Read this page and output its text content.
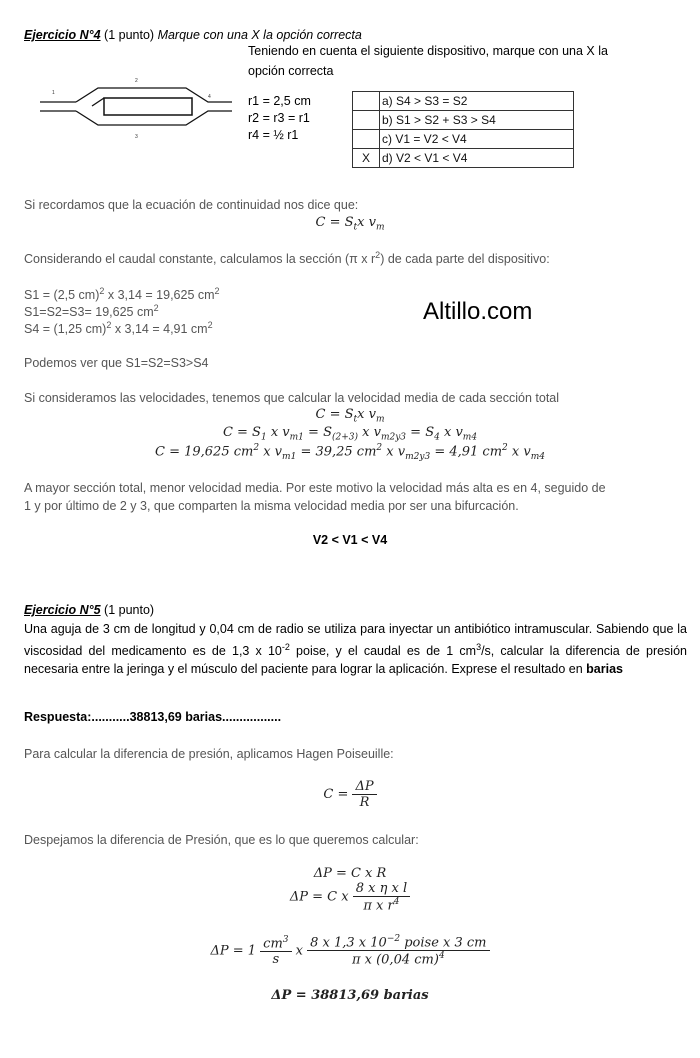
Ejercicio N°4 (1 punto) Marque con una X la opción correcta
Teniendo en cuenta el siguiente dispositivo, marque con una X la
opción correcta
1
2
3
4	r1 = 2,5 cm
r2 = r3 = r1
r4 = ½ r1
	a) S4 > S3 = S2
	b) S1 > S2 + S3 > S4
	c) V1 = V2 < V4
X	d) V2 < V1 < V4
Si recordamos que la ecuación de continuidad nos dice que:
$C = S_tx$ $v_m$
Considerando el caudal constante, calculamos la sección (π x $r^2$) de cada parte del dispositivo:
S1 = (2,5 cm)$^2$ x 3,14 = 19,625 $cm^2$
S1=S2=S3= 19,625 $cm^2$
S4 = (1,25 cm)$^2$ x 3,14 = 4,91 $cm^2$	Altillo.com
Podemos ver que S1=S2=S3>S4
Si consideramos las velocidades, tenemos que calcular la velocidad media de cada sección total
$C = S_tx$ $v_m$
$C = S_1$ x $v_{m1} = S_{(2+3)}$ x $v_{m2y3} = S_4$ x $v_{m4}$
C = 19,625 $cm^2$ x $v_{m1} = 39,25$ $cm^2$ x $v_{m2y3} = 4,91$ $cm^2$ x $v_{m4}$
A mayor sección total, menor velocidad media. Por este motivo la velocidad más alta es en 4, seguido de
1 y por último de 2 y 3, que comparten la misma velocidad media por ser una bifurcación.
V2 < V1 < V4
Ejercicio N°5 (1 punto)
Una aguja de 3 cm de longitud y 0,04 cm de radio se utiliza para inyectar un antibiótico intramuscular. Sabiendo que la viscosidad del medicamento es de 1,3 x $10^{-2}$ poise, y el caudal es de 1 $cm^3/s$, calcular la diferencia de presión necesaria entre la jeringa y el músculo del paciente para lograr la aplicación. Exprese el resultado en barias
Respuesta:...........38813,69 barias.................
Para calcular la diferencia de presión, aplicamos Hagen Poiseuille:
$C = \frac{\Delta P}{R}$
Despejamos la diferencia de Presión, que es lo que queremos calcular:
ΔP = C x R
ΔP = C x $\frac{\text{8 x η x l}}{\pi x r^4}$
$\Delta P = 1 \frac{cm^3}{s}$ x $\frac{8 x 1,3 x 10^{-2} poise x 3 cm}{\pi x (0,04 cm)^4}$
ΔP = 38813,69 barias
